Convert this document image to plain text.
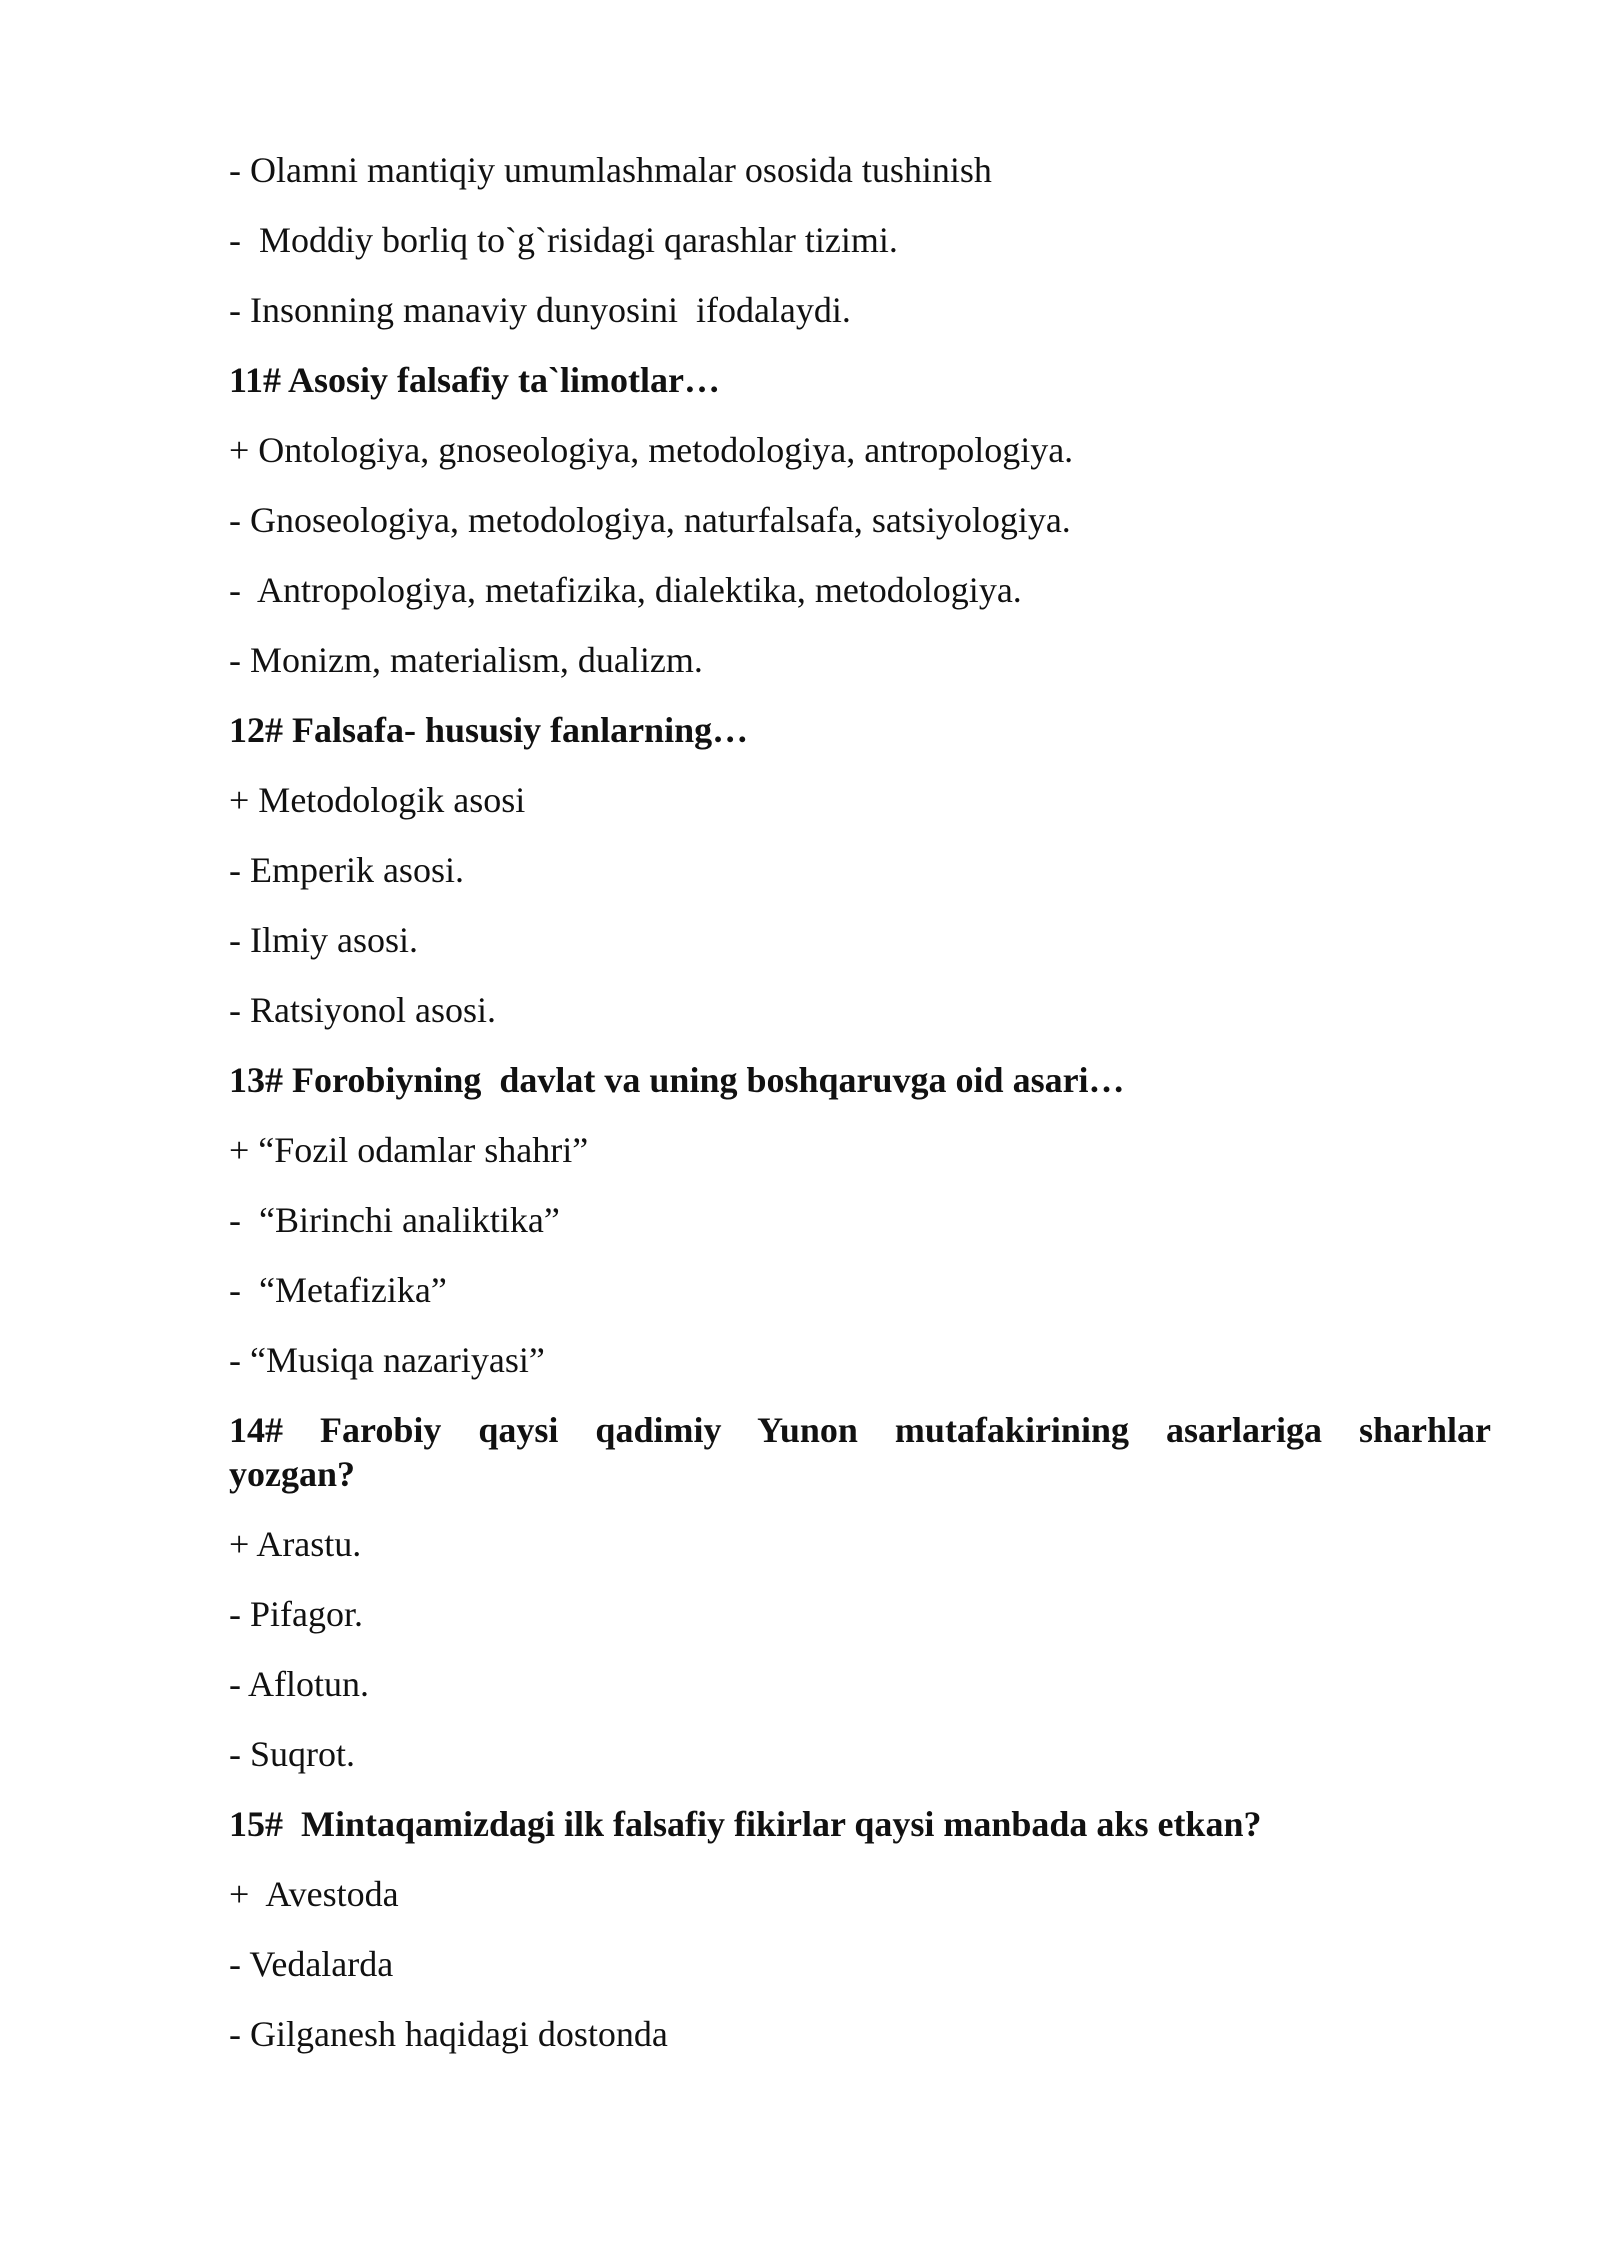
- Olamni mantiqiy umumlashmalar ososida tushinish
-  Moddiy borliq to`g`risidagi qarashlar tizimi.
- Insonning manaviy dunyosini  ifodalaydi.
11# Asosiy falsafiy ta`limotlar…
+ Ontologiya, gnoseologiya, metodologiya, antropologiya.
- Gnoseologiya, metodologiya, naturfalsafa, satsiyologiya.
-  Antropologiya, metafizika, dialektika, metodologiya.
- Monizm, materialism, dualizm.
12# Falsafa- hususiy fanlarning…
+ Metodologik asosi
- Emperik asosi.
- Ilmiy asosi.
- Ratsiyonol asosi.
13# Forobiyning  davlat va uning boshqaruvga oid asari…
+ “Fozil odamlar shahri”
-  “Birinchi analiktika”
-  “Metafizika”
- “Musiqa nazariyasi”
14# Farobiy qaysi qadimiy Yunon mutafakirining asarlariga sharhlar
yozgan?
+ Arastu.
- Pifagor.
- Aflotun.
- Suqrot.
15#  Mintaqamizdagi ilk falsafiy fikirlar qaysi manbada aks etkan?
+  Avestoda
- Vedalarda
- Gilganesh haqidagi dostonda
